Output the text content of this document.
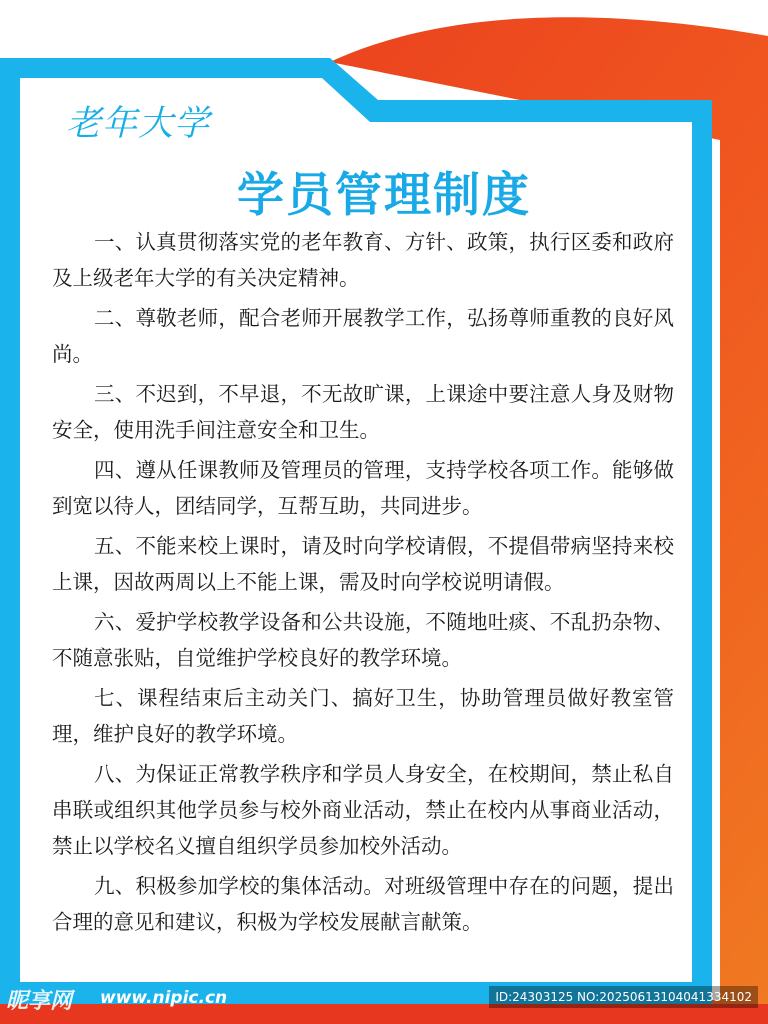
老年大学
学员管理制度

一、认真贯彻落实党的老年教育、方针、政策，执行区委和政府及上级老年大学的有关决定精神。

二、尊敬老师，配合老师开展教学工作，弘扬尊师重教的良好风尚。

三、不迟到，不早退，不无故旷课，上课途中要注意人身及财物安全，使用洗手间注意安全和卫生。

四、遵从任课教师及管理员的管理，支持学校各项工作。能够做到宽以待人，团结同学，互帮互助，共同进步。

五、不能来校上课时，请及时向学校请假，不提倡带病坚持来校上课，因故两周以上不能上课，需及时向学校说明请假。

六、爱护学校教学设备和公共设施，不随地吐痰、不乱扔杂物、不随意张贴，自觉维护学校良好的教学环境。

七、课程结束后主动关门、搞好卫生，协助管理员做好教室管理，维护良好的教学环境。

八、为保证正常教学秩序和学员人身安全，在校期间，禁止私自串联或组织其他学员参与校外商业活动，禁止在校内从事商业活动，禁止以学校名义擅自组织学员参加校外活动。

九、积极参加学校的集体活动。对班级管理中存在的问题，提出合理的意见和建议，积极为学校发展献言献策。

昵享网 www.nipic.cn	ID:24303125 NO:20250613104041334102
